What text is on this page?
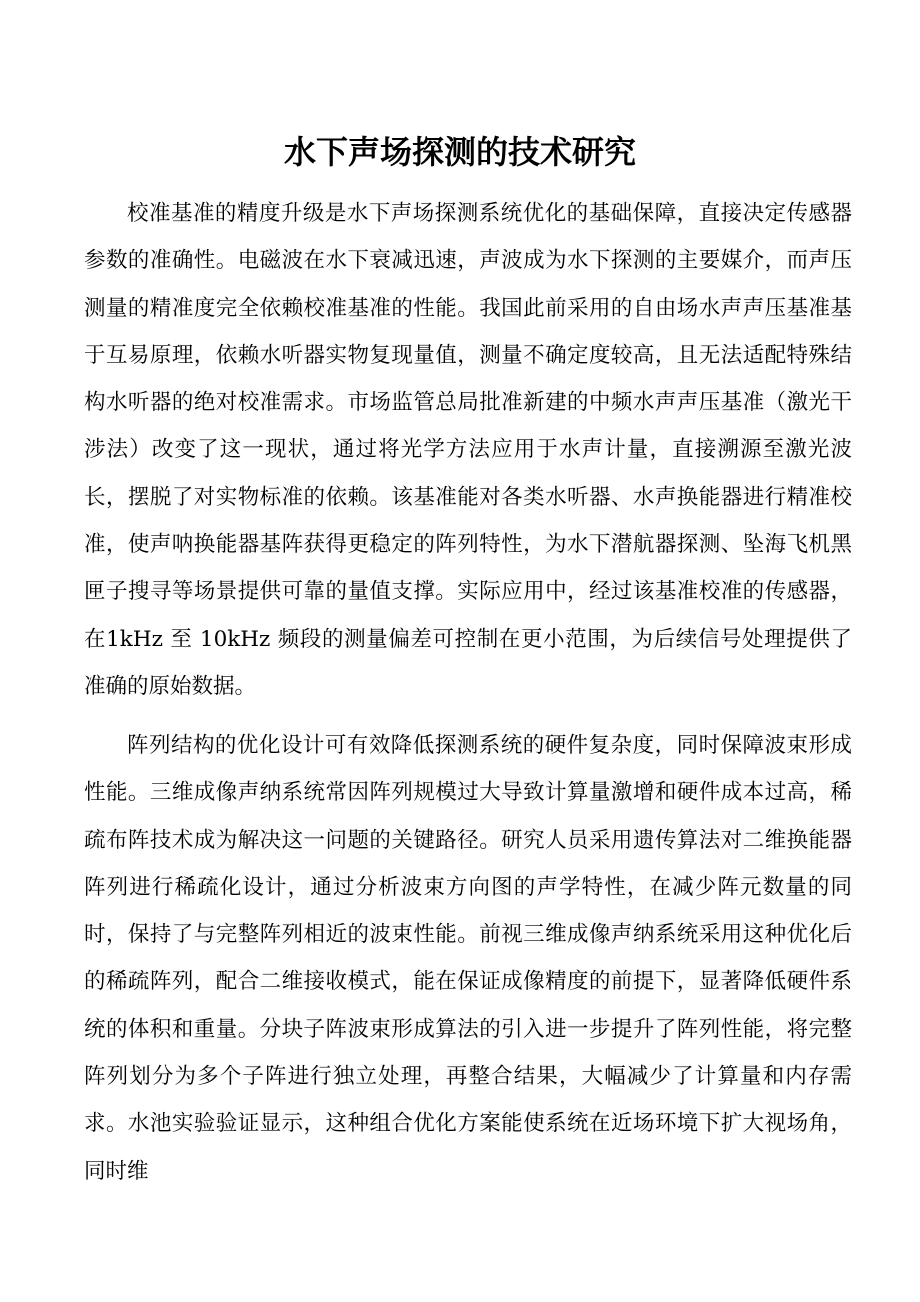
水下声场探测的技术研究

校准基准的精度升级是水下声场探测系统优化的基础保障，直接决定传感器参数的准确性。电磁波在水下衰减迅速，声波成为水下探测的主要媒介，而声压测量的精准度完全依赖校准基准的性能。我国此前采用的自由场水声声压基准基于互易原理，依赖水听器实物复现量值，测量不确定度较高，且无法适配特殊结构水听器的绝对校准需求。市场监管总局批准新建的中频水声声压基准（激光干涉法）改变了这一现状，通过将光学方法应用于水声计量，直接溯源至激光波长，摆脱了对实物标准的依赖。该基准能对各类水听器、水声换能器进行精准校准，使声呐换能器基阵获得更稳定的阵列特性，为水下潜航器探测、坠海飞机黑匣子搜寻等场景提供可靠的量值支撑。实际应用中，经过该基准校准的传感器，在1kHz 至 10kHz 频段的测量偏差可控制在更小范围，为后续信号处理提供了准确的原始数据。

阵列结构的优化设计可有效降低探测系统的硬件复杂度，同时保障波束形成性能。三维成像声纳系统常因阵列规模过大导致计算量激增和硬件成本过高，稀疏布阵技术成为解决这一问题的关键路径。研究人员采用遗传算法对二维换能器阵列进行稀疏化设计，通过分析波束方向图的声学特性，在减少阵元数量的同时，保持了与完整阵列相近的波束性能。前视三维成像声纳系统采用这种优化后的稀疏阵列，配合二维接收模式，能在保证成像精度的前提下，显著降低硬件系统的体积和重量。分块子阵波束形成算法的引入进一步提升了阵列性能，将完整阵列划分为多个子阵进行独立处理，再整合结果，大幅减少了计算量和内存需求。水池实验验证显示，这种组合优化方案能使系统在近场环境下扩大视场角，同时维
